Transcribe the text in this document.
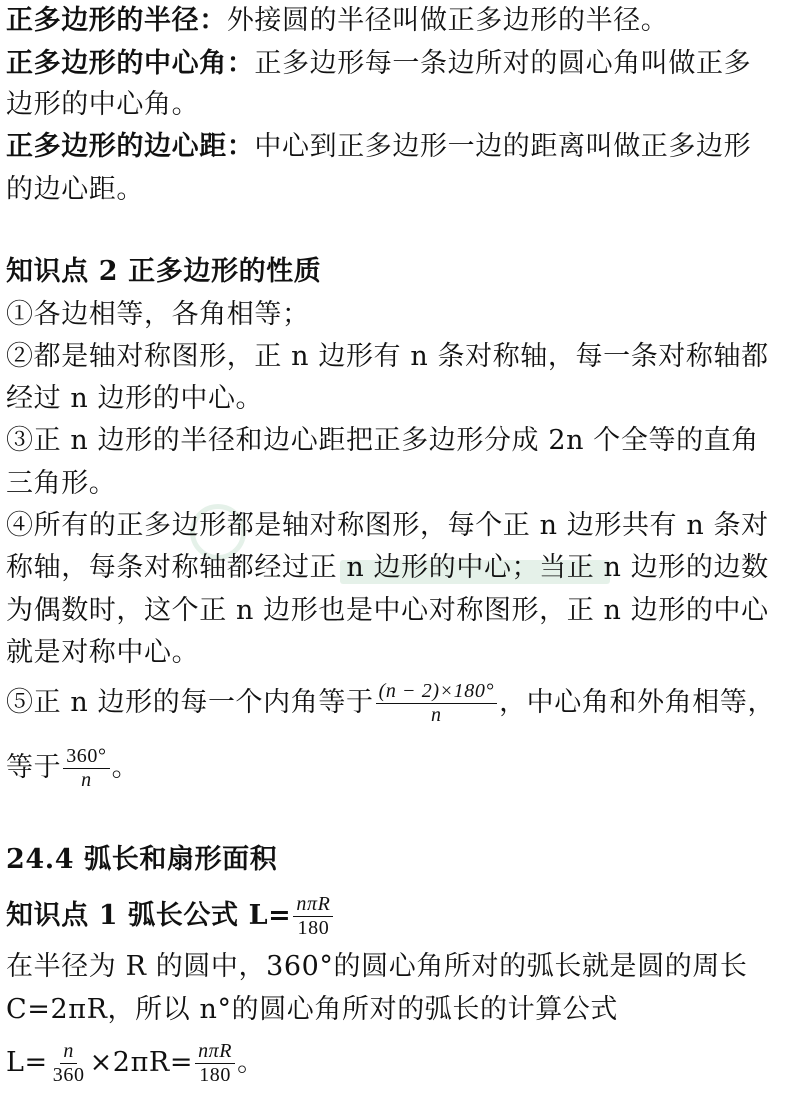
正多边形的半径：外接圆的半径叫做正多边形的半径。
正多边形的中心角：正多边形每一条边所对的圆心角叫做正多
边形的中心角。
正多边形的边心距：中心到正多边形一边的距离叫做正多边形
的边心距。
知识点 2 正多边形的性质
①各边相等，各角相等；
②都是轴对称图形，正 n 边形有 n 条对称轴，每一条对称轴都
经过 n 边形的中心。
③正 n 边形的半径和边心距把正多边形分成 2n 个全等的直角
三角形。
④所有的正多边形都是轴对称图形，每个正 n 边形共有 n 条对
称轴，每条对称轴都经过正 n 边形的中心；当正 n 边形的边数
为偶数时，这个正 n 边形也是中心对称图形，正 n 边形的中心
就是对称中心。
⑤正 n 边形的每一个内角等于 $\frac{(n - 2)\times 180^\circ}{n}$ ，中心角和外角相等，
等于 $\frac{360^\circ}{n}$ 。
24.4 弧长和扇形面积
知识点 1 弧长公式 $L= \frac{\text{nπR}}{180}$
在半径为 R 的圆中，360°的圆心角所对的弧长就是圆的周长
C=2πR，所以 n°的圆心角所对的弧长的计算公式
$L= \frac{n}{360} \times 2\pi R= \frac{\text{nπR}}{180}$ 。
